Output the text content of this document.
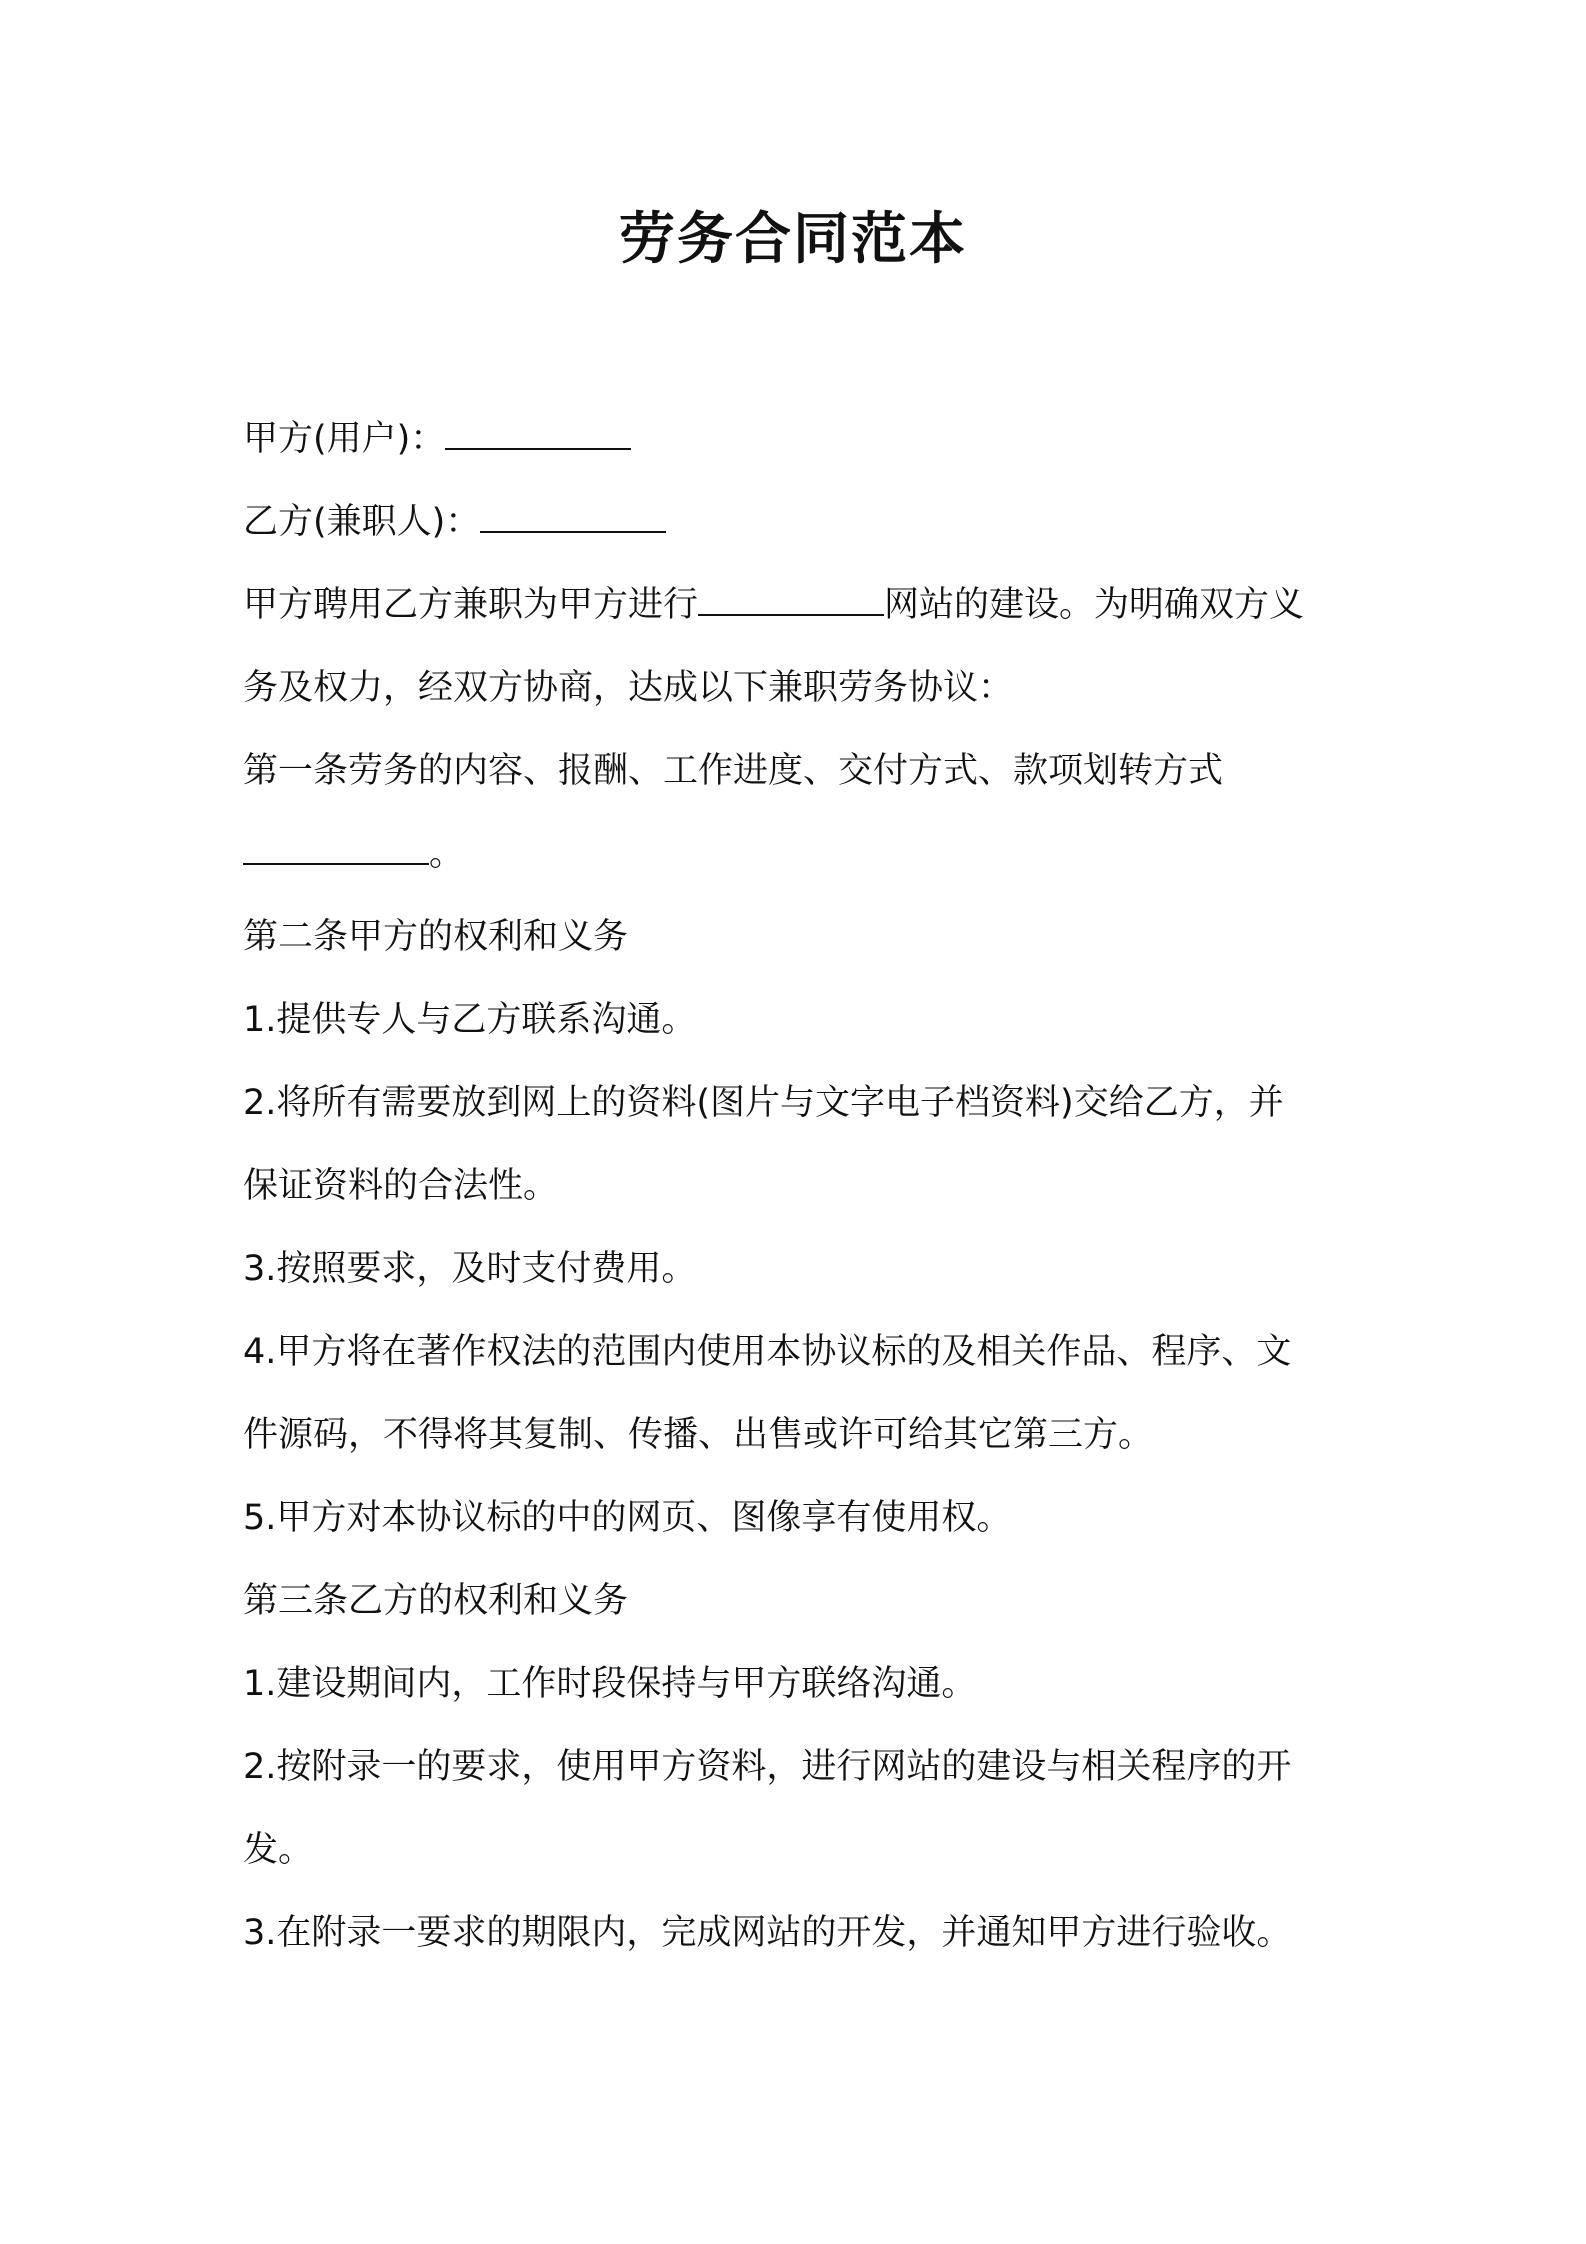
劳务合同范本
甲方(用户)：
乙方(兼职人)：
甲方聘用乙方兼职为甲方进行	网站的建设。为明确双方义
务及权力，经双方协商，达成以下兼职劳务协议：
第一条劳务的内容、报酬、工作进度、交付方式、款项划转方式
。
第二条甲方的权利和义务
1.提供专人与乙方联系沟通。
2.将所有需要放到网上的资料(图片与文字电子档资料)交给乙方，并
保证资料的合法性。
3.按照要求，及时支付费用。
4.甲方将在著作权法的范围内使用本协议标的及相关作品、程序、文
件源码，不得将其复制、传播、出售或许可给其它第三方。
5.甲方对本协议标的中的网页、图像享有使用权。
第三条乙方的权利和义务
1.建设期间内，工作时段保持与甲方联络沟通。
2.按附录一的要求，使用甲方资料，进行网站的建设与相关程序的开
发。
3.在附录一要求的期限内，完成网站的开发，并通知甲方进行验收。
